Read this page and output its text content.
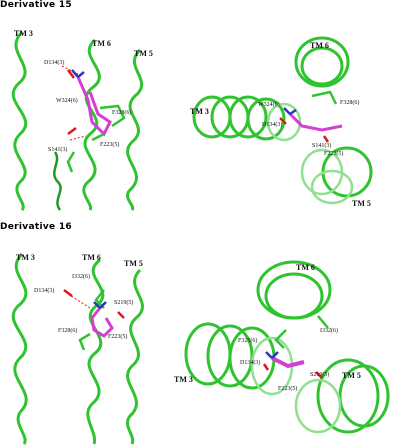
Derivative 15
Derivative 16
TM 3
TM 6
TM 5
D134(3)
W324(6)
F328(6)
S141(3)
F223(5)
TM 6
TM 3
TM 5
W324(6)	F328(6)
D134(3)
S141(3)
F223(5)
TM 3	TM 6
TM 5
I332(6)
D134(3)
S219(5)
F328(6)
F223(5)
TM 6
TM 3	TM 5
I332(6)
F325(6)
D134(3)
S219(5)
F223(5)
